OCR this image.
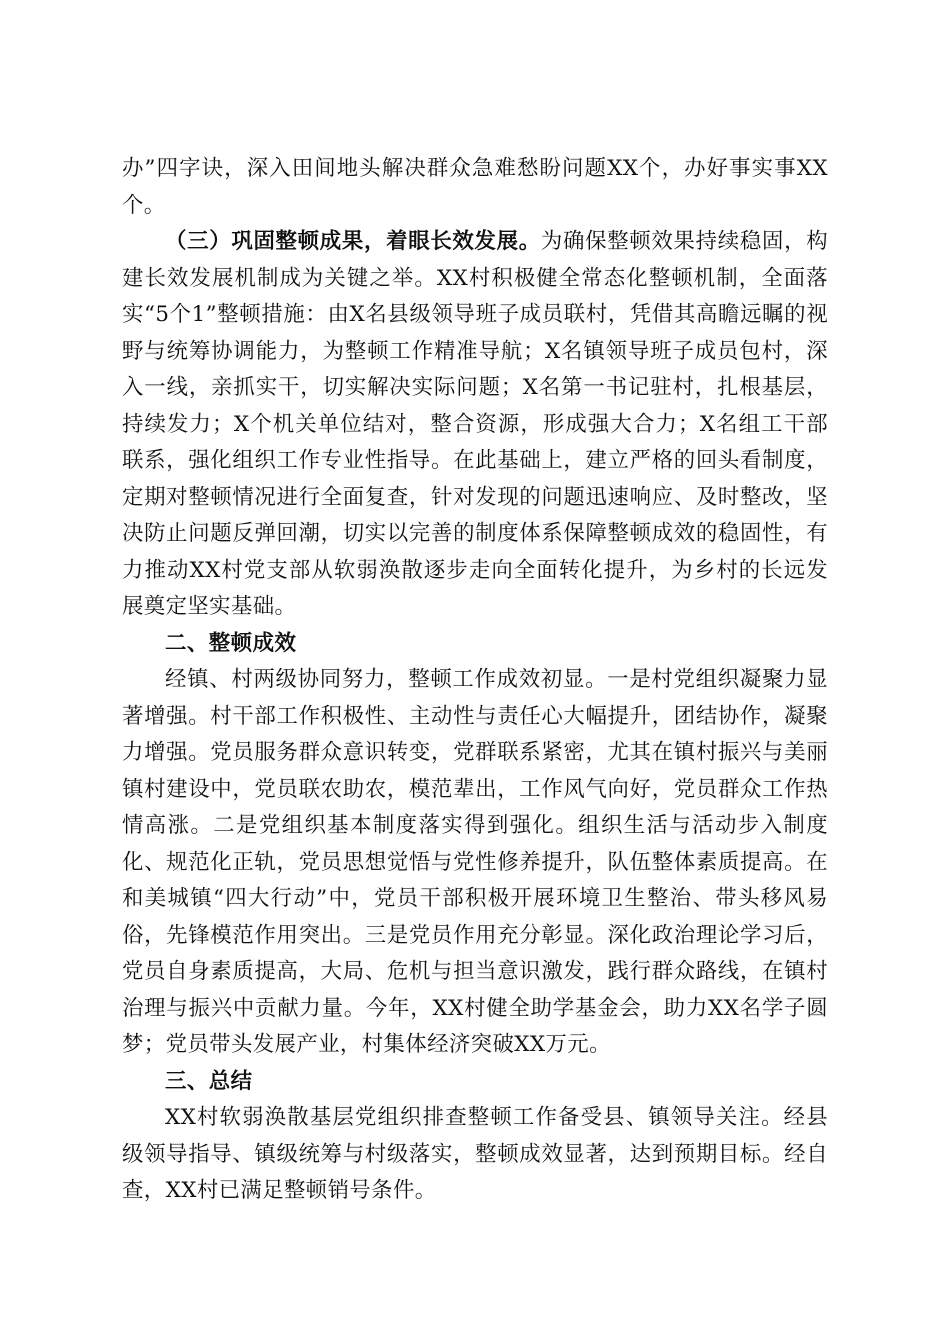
办”四字诀，深入田间地头解决群众急难愁盼问题XX个，办好事实事XX个。

（三）巩固整顿成果，着眼长效发展。为确保整顿效果持续稳固，构建长效发展机制成为关键之举。XX村积极健全常态化整顿机制，全面落实“5个1”整顿措施：由X名县级领导班子成员联村，凭借其高瞻远瞩的视野与统筹协调能力，为整顿工作精准导航；X名镇领导班子成员包村，深入一线，亲抓实干，切实解决实际问题；X名第一书记驻村，扎根基层，持续发力；X个机关单位结对，整合资源，形成强大合力；X名组工干部联系，强化组织工作专业性指导。在此基础上，建立严格的回头看制度，定期对整顿情况进行全面复查，针对发现的问题迅速响应、及时整改，坚决防止问题反弹回潮，切实以完善的制度体系保障整顿成效的稳固性，有力推动XX村党支部从软弱涣散逐步走向全面转化提升，为乡村的长远发展奠定坚实基础。

二、整顿成效

经镇、村两级协同努力，整顿工作成效初显。一是村党组织凝聚力显著增强。村干部工作积极性、主动性与责任心大幅提升，团结协作，凝聚力增强。党员服务群众意识转变，党群联系紧密，尤其在镇村振兴与美丽镇村建设中，党员联农助农，模范辈出，工作风气向好，党员群众工作热情高涨。二是党组织基本制度落实得到强化。组织生活与活动步入制度化、规范化正轨，党员思想觉悟与党性修养提升，队伍整体素质提高。在和美城镇“四大行动”中，党员干部积极开展环境卫生整治、带头移风易俗，先锋模范作用突出。三是党员作用充分彰显。深化政治理论学习后，党员自身素质提高，大局、危机与担当意识激发，践行群众路线，在镇村治理与振兴中贡献力量。今年，XX村健全助学基金会，助力XX名学子圆梦；党员带头发展产业，村集体经济突破XX万元。

三、总结

XX村软弱涣散基层党组织排查整顿工作备受县、镇领导关注。经县级领导指导、镇级统筹与村级落实，整顿成效显著，达到预期目标。经自查，XX村已满足整顿销号条件。
